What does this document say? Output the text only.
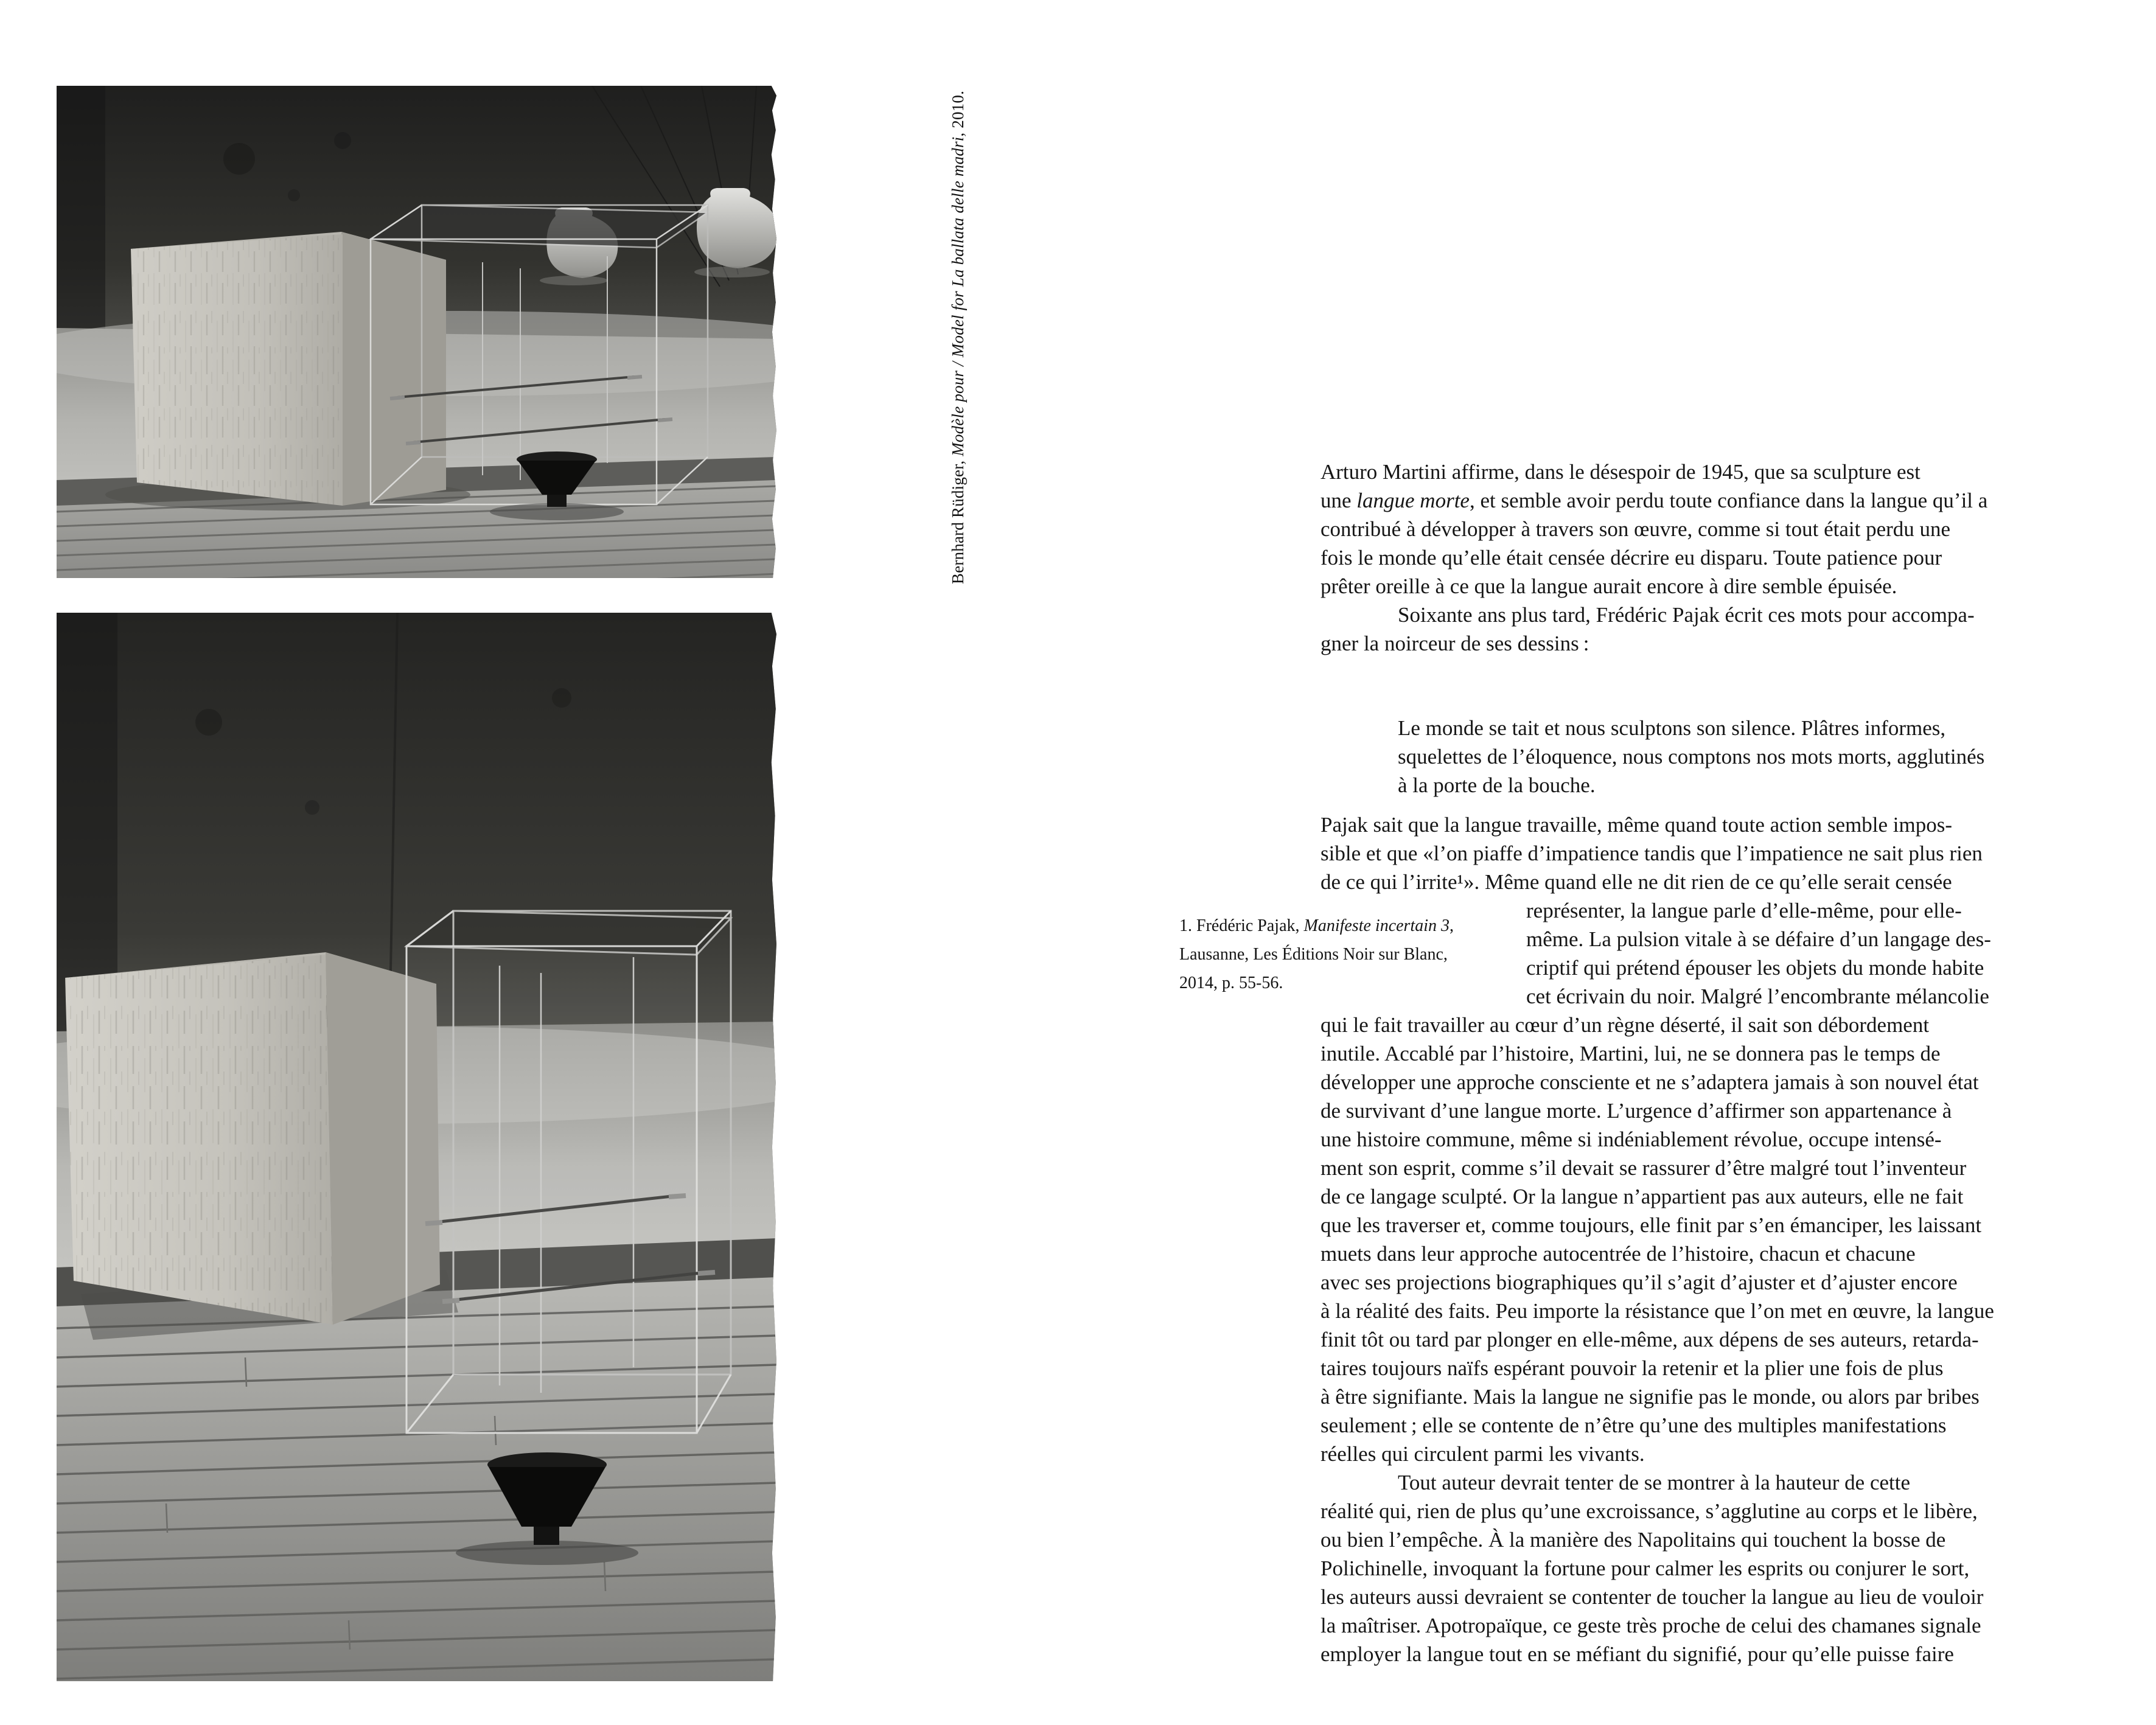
Bernhard Rüdiger, Modèle pour / Model for La ballata delle madri, 2010.
Arturo Martini affirme, dans le désespoir de 1945, que sa sculpture est
une langue morte, et semble avoir perdu toute confiance dans la langue qu’il a
contribué à développer à travers son œuvre, comme si tout était perdu une
fois le monde qu’elle était censée décrire eu disparu. Toute patience pour
prêter oreille à ce que la langue aurait encore à dire semble épuisée.
Soixante ans plus tard, Frédéric Pajak écrit ces mots pour accompa-
gner la noirceur de ses dessins :
Le monde se tait et nous sculptons son silence. Plâtres informes,
squelettes de l’éloquence, nous comptons nos mots morts, agglutinés
à la porte de la bouche.
Pajak sait que la langue travaille, même quand toute action semble impos-
sible et que «l’on piaffe d’impatience tandis que l’impatience ne sait plus rien
de ce qui l’irrite¹». Même quand elle ne dit rien de ce qu’elle serait censée
représenter, la langue parle d’elle-même, pour elle-
même. La pulsion vitale à se défaire d’un langage des-
criptif qui prétend épouser les objets du monde habite
cet écrivain du noir. Malgré l’encombrante mélancolie
qui le fait travailler au cœur d’un règne déserté, il sait son débordement
inutile. Accablé par l’histoire, Martini, lui, ne se donnera pas le temps de
développer une approche consciente et ne s’adaptera jamais à son nouvel état
de survivant d’une langue morte. L’urgence d’affirmer son appartenance à
une histoire commune, même si indéniablement révolue, occupe intensé-
ment son esprit, comme s’il devait se rassurer d’être malgré tout l’inventeur
de ce langage sculpté. Or la langue n’appartient pas aux auteurs, elle ne fait
que les traverser et, comme toujours, elle finit par s’en émanciper, les laissant
muets dans leur approche autocentrée de l’histoire, chacun et chacune
avec ses projections biographiques qu’il s’agit d’ajuster et d’ajuster encore
à la réalité des faits. Peu importe la résistance que l’on met en œuvre, la langue
finit tôt ou tard par plonger en elle-même, aux dépens de ses auteurs, retarda-
taires toujours naïfs espérant pouvoir la retenir et la plier une fois de plus
à être signifiante. Mais la langue ne signifie pas le monde, ou alors par bribes
seulement ; elle se contente de n’être qu’une des multiples manifestations
réelles qui circulent parmi les vivants.
Tout auteur devrait tenter de se montrer à la hauteur de cette
réalité qui, rien de plus qu’une excroissance, s’agglutine au corps et le libère,
ou bien l’empêche. À la manière des Napolitains qui touchent la bosse de
Polichinelle, invoquant la fortune pour calmer les esprits ou conjurer le sort,
les auteurs aussi devraient se contenter de toucher la langue au lieu de vouloir
la maîtriser. Apotropaïque, ce geste très proche de celui des chamanes signale
employer la langue tout en se méfiant du signifié, pour qu’elle puisse faire
1. Frédéric Pajak, Manifeste incertain 3,
Lausanne, Les Éditions Noir sur Blanc,
2014, p. 55-56.
